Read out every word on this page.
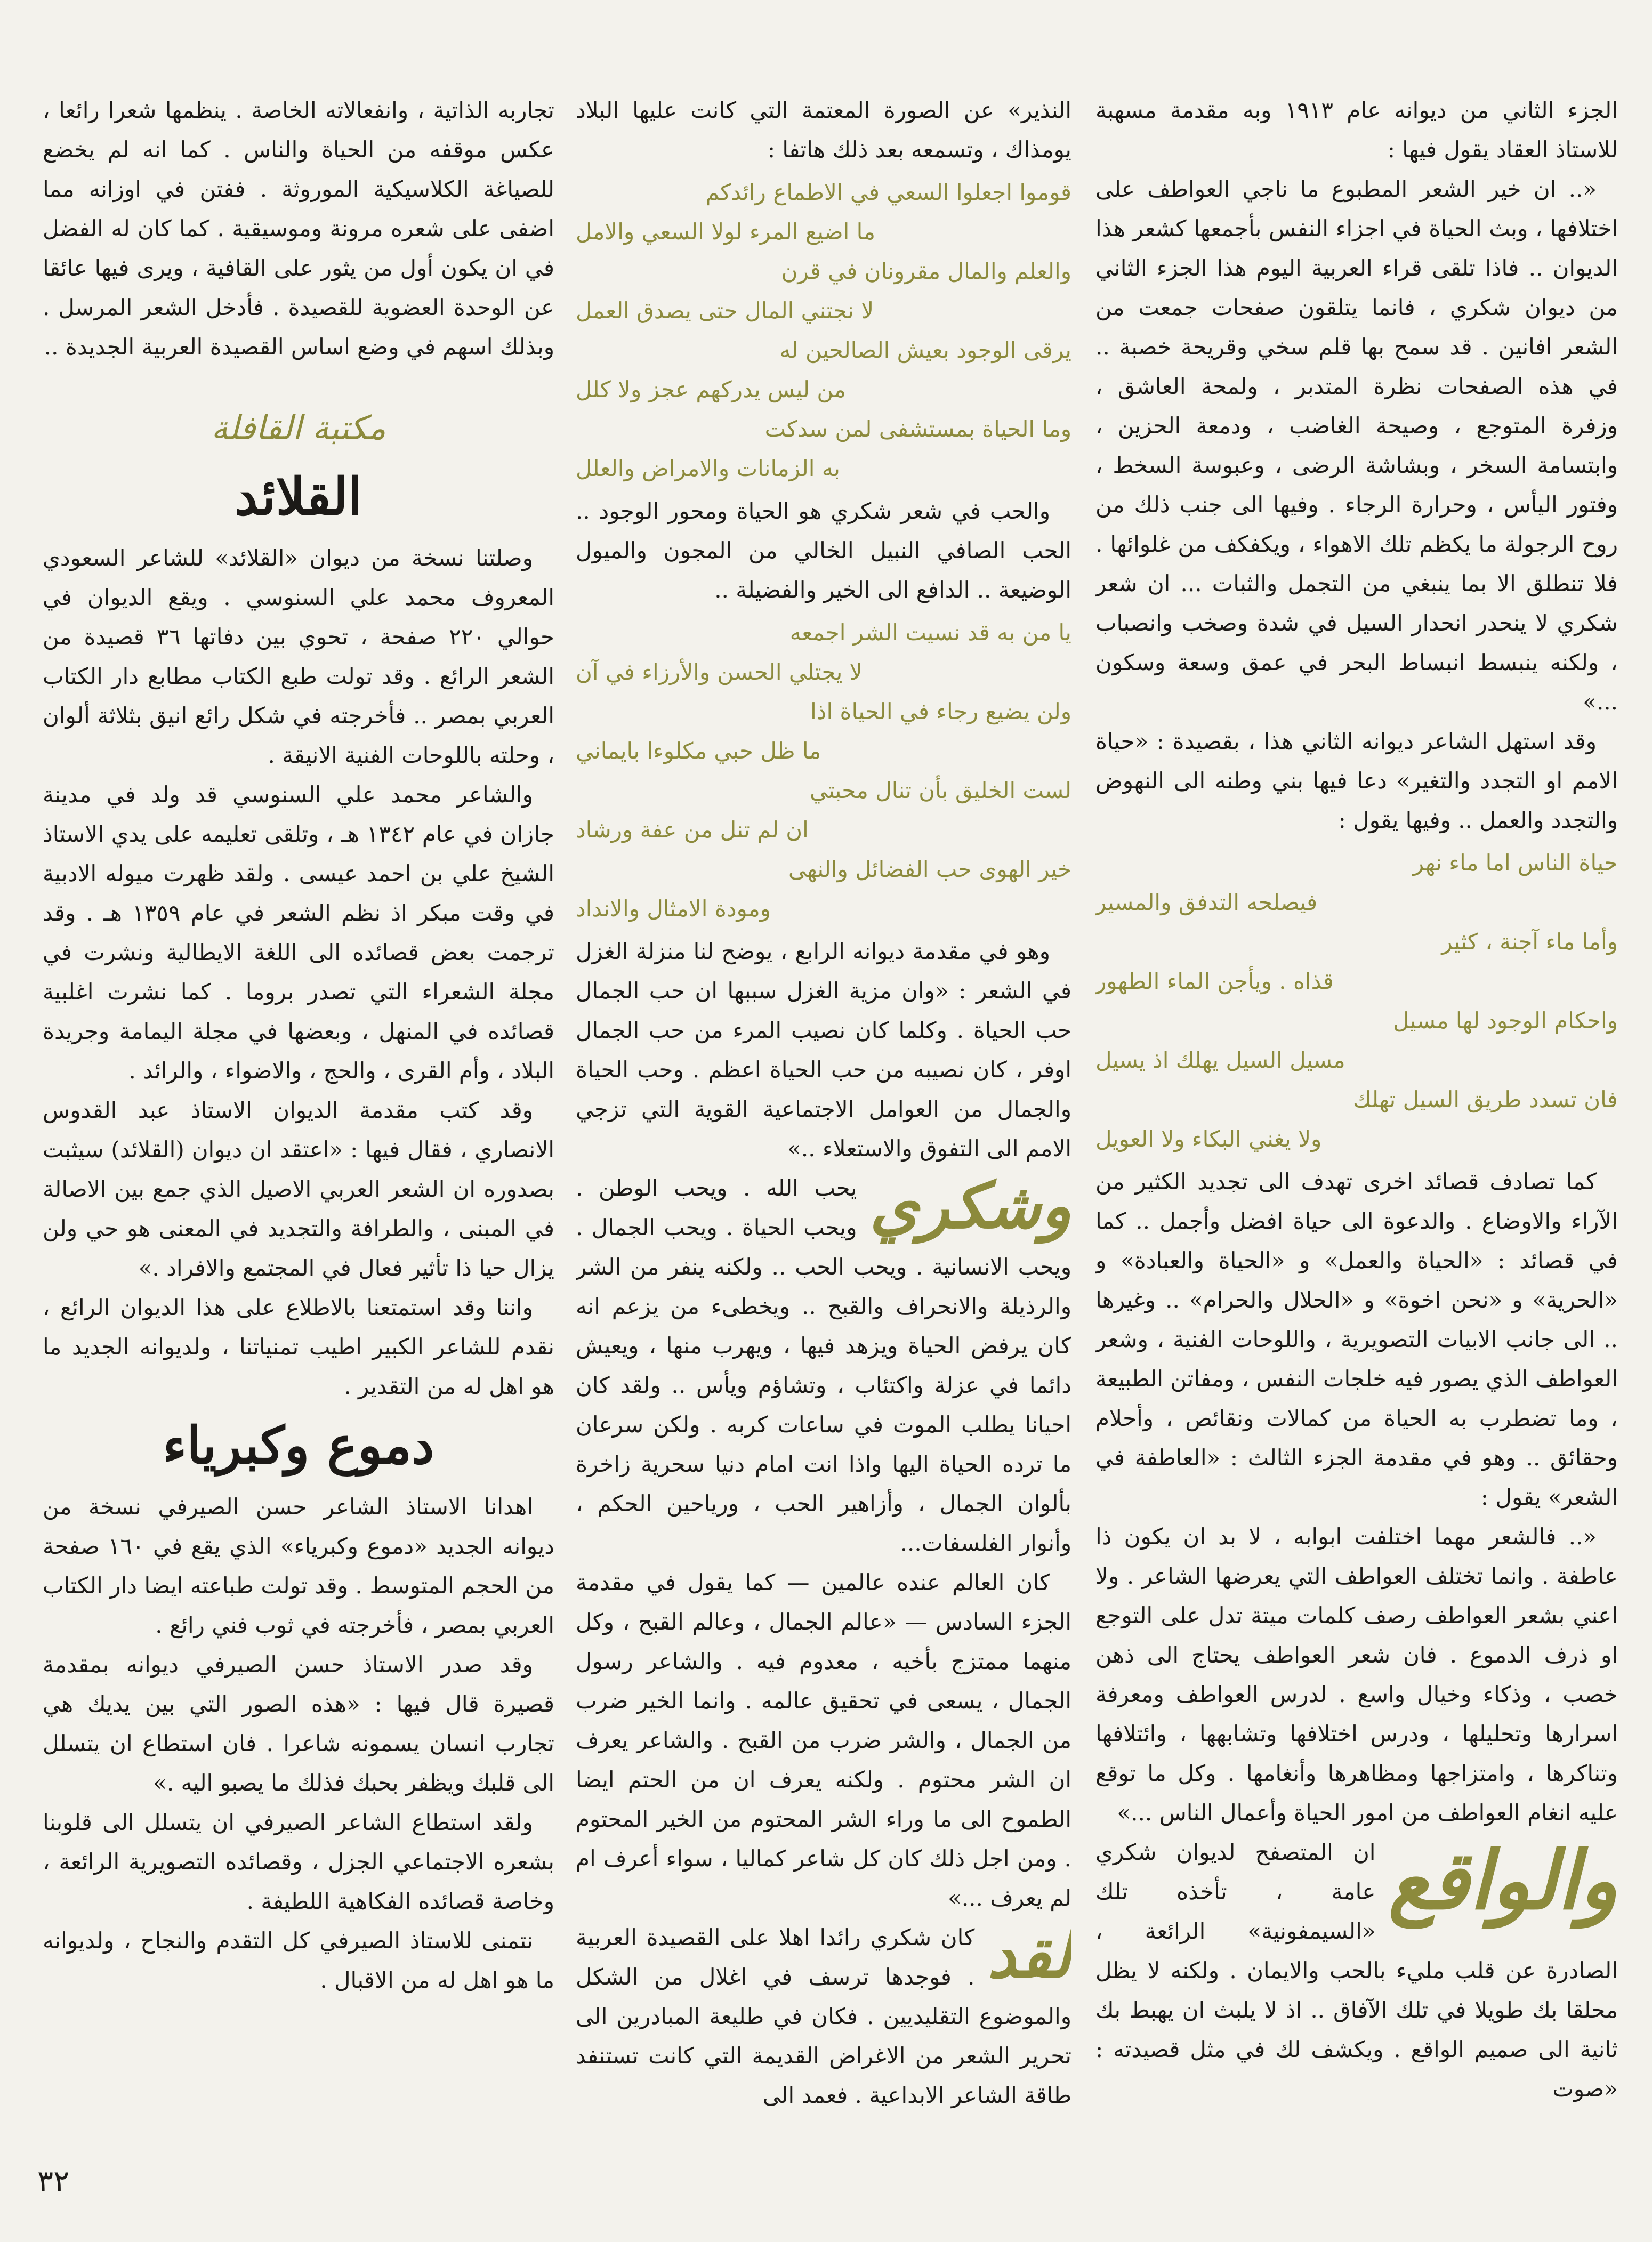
الجزء الثاني من ديوانه عام ١٩١٣ وبه مقدمة مسهبة للاستاذ العقاد يقول فيها :

«.. ان خير الشعر المطبوع ما ناجي العواطف على اختلافها ، وبث الحياة في اجزاء النفس بأجمعها كشعر هذا الديوان .. فاذا تلقى قراء العربية اليوم هذا الجزء الثاني من ديوان شكري ، فانما يتلقون صفحات جمعت من الشعر افانين . قد سمح بها قلم سخي وقريحة خصبة .. في هذه الصفحات نظرة المتدبر ، ولمحة العاشق ، وزفرة المتوجع ، وصيحة الغاضب ، ودمعة الحزين ، وابتسامة السخر ، وبشاشة الرضى ، وعبوسة السخط ، وفتور اليأس ، وحرارة الرجاء . وفيها الى جنب ذلك من روح الرجولة ما يكظم تلك الاهواء ، ويكفكف من غلوائها . فلا تنطلق الا بما ينبغي من التجمل والثبات ... ان شعر شكري لا ينحدر انحدار السيل في شدة وصخب وانصباب ، ولكنه ينبسط انبساط البحر في عمق وسعة وسكون ...»

وقد استهل الشاعر ديوانه الثاني هذا ، بقصيدة : «حياة الامم او التجدد والتغير» دعا فيها بني وطنه الى النهوض والتجدد والعمل .. وفيها يقول :

حياة الناس اما ماء نهر
فيصلحه التدفق والمسير
وأما ماء آجنة ، كثير
قذاه . ويأجن الماء الطهور
واحكام الوجود لها مسيل
مسيل السيل يهلك اذ يسيل
فان تسدد طريق السيل تهلك
ولا يغني البكاء ولا العويل

كما تصادف قصائد اخرى تهدف الى تجديد الكثير من الآراء والاوضاع . والدعوة الى حياة افضل وأجمل .. كما في قصائد : «الحياة والعمل» و «الحياة والعبادة» و «الحرية» و «نحن اخوة» و «الحلال والحرام» .. وغيرها .. الى جانب الابيات التصويرية ، واللوحات الفنية ، وشعر العواطف الذي يصور فيه خلجات النفس ، ومفاتن الطبيعة ، وما تضطرب به الحياة من كمالات ونقائص ، وأحلام وحقائق .. وهو في مقدمة الجزء الثالث : «العاطفة في الشعر» يقول :

«.. فالشعر مهما اختلفت ابوابه ، لا بد ان يكون ذا عاطفة . وانما تختلف العواطف التي يعرضها الشاعر . ولا اعني بشعر العواطف رصف كلمات ميتة تدل على التوجع او ذرف الدموع . فان شعر العواطف يحتاج الى ذهن خصب ، وذكاء وخيال واسع . لدرس العواطف ومعرفة اسرارها وتحليلها ، ودرس اختلافها وتشابهها ، وائتلافها وتناكرها ، وامتزاجها ومظاهرها وأنغامها . وكل ما توقع عليه انغام العواطف من امور الحياة وأعمال الناس ...»

والواقع
ان المتصفح لديوان شكري عامة ، تأخذه تلك «السيمفونية» الرائعة ، الصادرة عن قلب مليء بالحب والايمان . ولكنه لا يظل محلقا بك طويلا في تلك الآفاق .. اذ لا يلبث ان يهبط بك ثانية الى صميم الواقع . ويكشف لك في مثل قصيدته : «صوت

النذير» عن الصورة المعتمة التي كانت عليها البلاد يومذاك ، وتسمعه بعد ذلك هاتفا :

قوموا اجعلوا السعي في الاطماع رائدكم
ما اضيع المرء لولا السعي والامل
والعلم والمال مقرونان في قرن
لا نجتني المال حتى يصدق العمل
يرقى الوجود بعيش الصالحين له
من ليس يدركهم عجز ولا كلل
وما الحياة بمستشفى لمن سدكت
به الزمانات والامراض والعلل

والحب في شعر شكري هو الحياة ومحور الوجود .. الحب الصافي النبيل الخالي من المجون والميول الوضيعة .. الدافع الى الخير والفضيلة ..

يا من به قد نسيت الشر اجمعه
لا يجتلي الحسن والأرزاء في آن
ولن يضيع رجاء في الحياة اذا
ما ظل حبي مكلوءا بايماني
لست الخليق بأن تنال محبتي
ان لم تنل من عفة ورشاد
خير الهوى حب الفضائل والنهى
ومودة الامثال والانداد

وهو في مقدمة ديوانه الرابع ، يوضح لنا منزلة الغزل في الشعر : «وان مزية الغزل سببها ان حب الجمال حب الحياة . وكلما كان نصيب المرء من حب الجمال اوفر ، كان نصيبه من حب الحياة اعظم . وحب الحياة والجمال من العوامل الاجتماعية القوية التي تزجي الامم الى التفوق والاستعلاء ..»

وشكري
يحب الله . ويحب الوطن . ويحب الحياة . ويحب الجمال . ويحب الانسانية . ويحب الحب .. ولكنه ينفر من الشر والرذيلة والانحراف والقبح .. ويخطىء من يزعم انه كان يرفض الحياة ويزهد فيها ، ويهرب منها ، ويعيش دائما في عزلة واكتئاب ، وتشاؤم ويأس .. ولقد كان احيانا يطلب الموت في ساعات كربه . ولكن سرعان ما ترده الحياة اليها واذا انت امام دنيا سحرية زاخرة بألوان الجمال ، وأزاهير الحب ، ورياحين الحكم ، وأنوار الفلسفات...

كان العالم عنده عالمين — كما يقول في مقدمة الجزء السادس — «عالم الجمال ، وعالم القبح ، وكل منهما ممتزج بأخيه ، معدوم فيه . والشاعر رسول الجمال ، يسعى في تحقيق عالمه . وانما الخير ضرب من الجمال ، والشر ضرب من القبح . والشاعر يعرف ان الشر محتوم . ولكنه يعرف ان من الحتم ايضا الطموح الى ما وراء الشر المحتوم من الخير المحتوم . ومن اجل ذلك كان كل شاعر كماليا ، سواء أعرف ام لم يعرف ...»

لقد
كان شكري رائدا اهلا على القصيدة العربية . فوجدها ترسف في اغلال من الشكل والموضوع التقليديين . فكان في طليعة المبادرين الى تحرير الشعر من الاغراض القديمة التي كانت تستنفد طاقة الشاعر الابداعية . فعمد الى

تجاربه الذاتية ، وانفعالاته الخاصة . ينظمها شعرا رائعا ، عكس موقفه من الحياة والناس . كما انه لم يخضع للصياغة الكلاسيكية الموروثة . ففتن في اوزانه مما اضفى على شعره مرونة وموسيقية . كما كان له الفضل في ان يكون أول من يثور على القافية ، ويرى فيها عائقا عن الوحدة العضوية للقصيدة . فأدخل الشعر المرسل . وبذلك اسهم في وضع اساس القصيدة العربية الجديدة ..

مكتبة القافلة
القلائد

وصلتنا نسخة من ديوان «القلائد» للشاعر السعودي المعروف محمد علي السنوسي . ويقع الديوان في حوالي ٢٢٠ صفحة ، تحوي بين دفاتها ٣٦ قصيدة من الشعر الرائع . وقد تولت طبع الكتاب مطابع دار الكتاب العربي بمصر .. فأخرجته في شكل رائع انيق بثلاثة ألوان ، وحلته باللوحات الفنية الانيقة .

والشاعر محمد علي السنوسي قد ولد في مدينة جازان في عام ١٣٤٢ هـ ، وتلقى تعليمه على يدي الاستاذ الشيخ علي بن احمد عيسى . ولقد ظهرت ميوله الادبية في وقت مبكر اذ نظم الشعر في عام ١٣٥٩ هـ . وقد ترجمت بعض قصائده الى اللغة الايطالية ونشرت في مجلة الشعراء التي تصدر بروما . كما نشرت اغلبية قصائده في المنهل ، وبعضها في مجلة اليمامة وجريدة البلاد ، وأم القرى ، والحج ، والاضواء ، والرائد .

وقد كتب مقدمة الديوان الاستاذ عبد القدوس الانصاري ، فقال فيها : «اعتقد ان ديوان (القلائد) سيثبت بصدوره ان الشعر العربي الاصيل الذي جمع بين الاصالة في المبنى ، والطرافة والتجديد في المعنى هو حي ولن يزال حيا ذا تأثير فعال في المجتمع والافراد .»

واننا وقد استمتعنا بالاطلاع على هذا الديوان الرائع ، نقدم للشاعر الكبير اطيب تمنياتنا ، ولديوانه الجديد ما هو اهل له من التقدير .

دموع وكبرياء

اهدانا الاستاذ الشاعر حسن الصيرفي نسخة من ديوانه الجديد «دموع وكبرياء» الذي يقع في ١٦٠ صفحة من الحجم المتوسط . وقد تولت طباعته ايضا دار الكتاب العربي بمصر ، فأخرجته في ثوب فني رائع .

وقد صدر الاستاذ حسن الصيرفي ديوانه بمقدمة قصيرة قال فيها : «هذه الصور التي بين يديك هي تجارب انسان يسمونه شاعرا . فان استطاع ان يتسلل الى قلبك ويظفر بحبك فذلك ما يصبو اليه .»

ولقد استطاع الشاعر الصيرفي ان يتسلل الى قلوبنا بشعره الاجتماعي الجزل ، وقصائده التصويرية الرائعة ، وخاصة قصائده الفكاهية اللطيفة .

نتمنى للاستاذ الصيرفي كل التقدم والنجاح ، ولديوانه ما هو اهل له من الاقبال .

٣٢
